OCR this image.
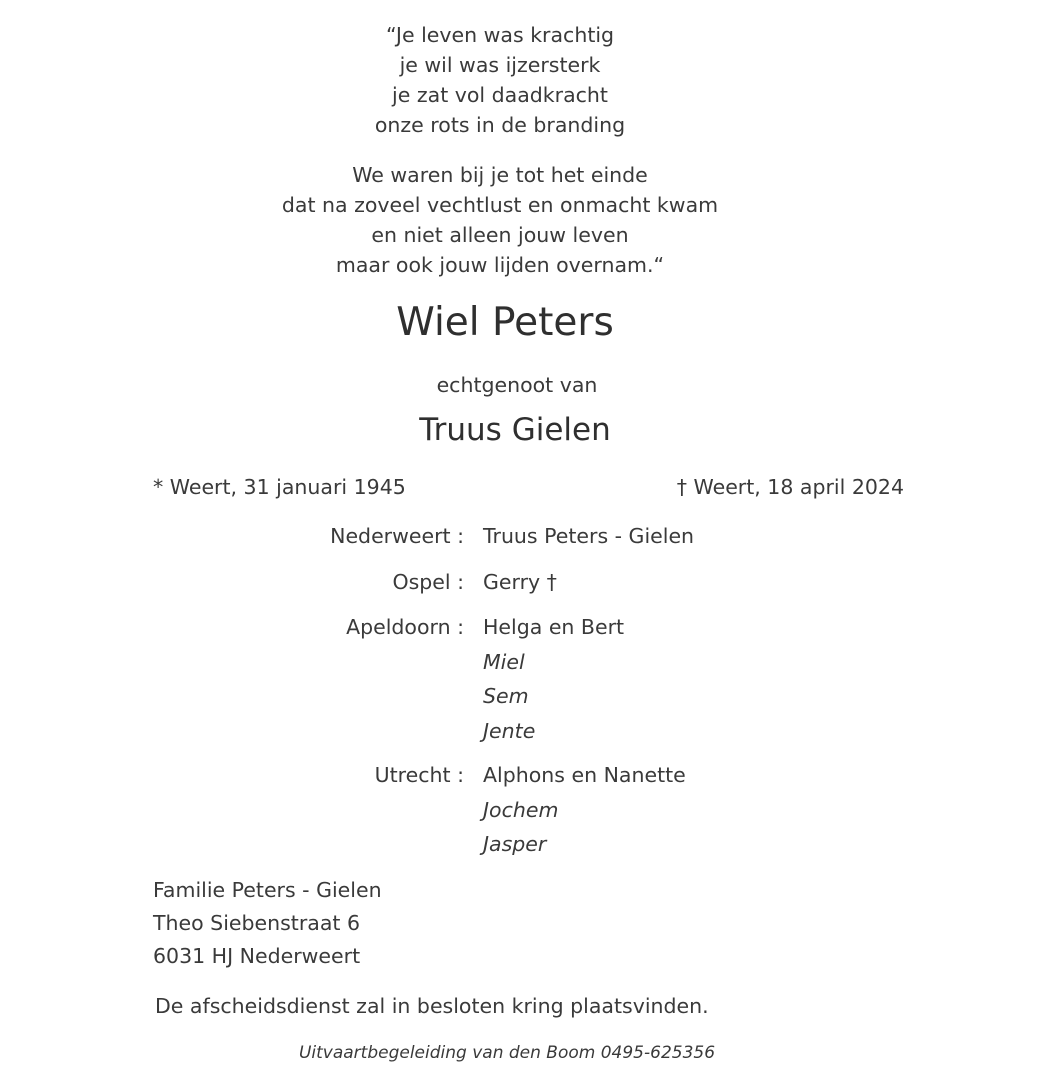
“Je leven was krachtig
je wil was ijzersterk
je zat vol daadkracht
onze rots in de branding
We waren bij je tot het einde
dat na zoveel vechtlust en onmacht kwam
en niet alleen jouw leven
maar ook jouw lijden overnam.“
Wiel Peters
echtgenoot van
Truus Gielen
* Weert, 31 januari 1945	† Weert, 18 april 2024
Nederweert : Truus Peters - Gielen
Ospel : Gerry †
Apeldoorn : Helga en Bert
Miel
Sem
Jente
Utrecht : Alphons en Nanette
Jochem
Jasper
Familie Peters - Gielen
Theo Siebenstraat 6
6031 HJ Nederweert
De afscheidsdienst zal in besloten kring plaatsvinden.
Uitvaartbegeleiding van den Boom 0495-625356
